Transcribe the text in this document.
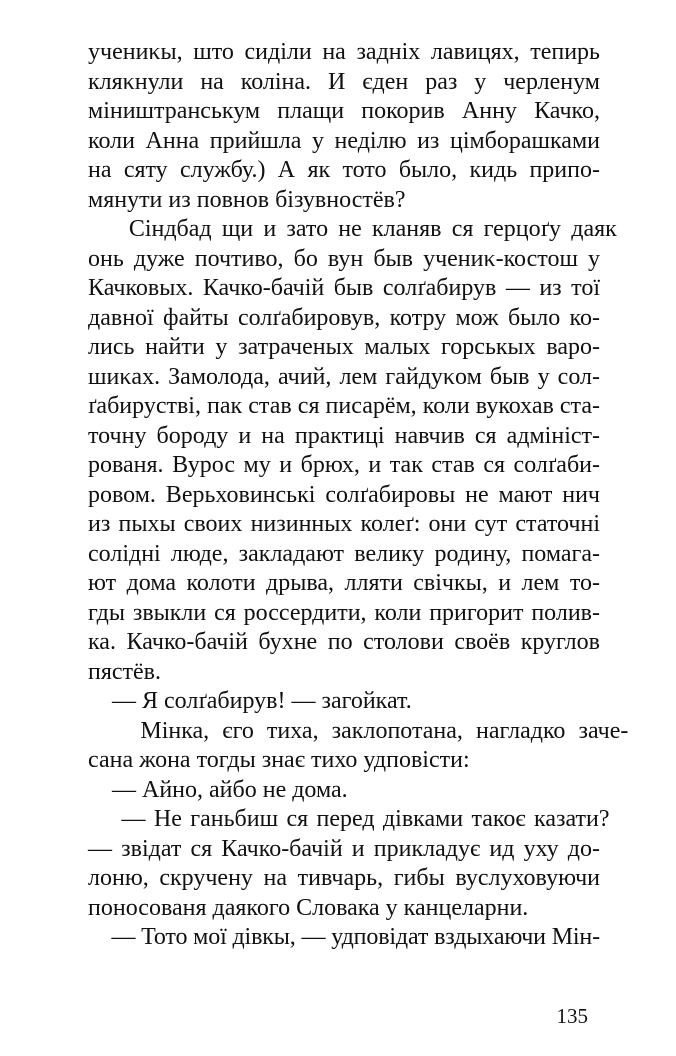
учениκы, што сиділи на задніх лавицях, тепирь
кляκнули на коліна. И єден раз у черленум
міништранськум плащи покорив Анну Качко,
коли Анна прийшла у неділю из цімборашками
на сяту службу.) А як тото было, кидь припо-
мянути из повнов бізувностёв?
Сіндбад щи и зато не кланяв ся герцоґу даяк
онь дуже почтиво, бо вун быв учениκ-костош у
Качковых. Качко-бачій быв солґабирув — из тої
давної файты солґабировув, котру мож было ко-
лись найти у затраченых малых горськых варо-
шиκах. Замолода, ачий, лем гайдуκом быв у сол-
ґабирустві, пак став ся писарём, коли вукохав ста-
точну бороду и на практиці навчив ся адмініст-
рованя. Вурос му и брюх, и так став ся солґаби-
ровом. Верьховинські солґабировы не мают нич
из пыхы своих низинных колеґ: они сут статочні
солідні люде, закладают велику родину, помага-
ют дома колоти дрыва, лляти свічкы, и лем то-
гды звыкли ся россердити, коли пригорит полив-
ка. Качко-бачій бухне по столови своёв круглов
пястёв.
— Я солґабирув! — загойкат.
Мінка, єго тиха, заклопотана, нагладко заче-
сана жона тогды знає тихо удповісти:
— Айно, айбо не дома.
— Не ганьбиш ся перед дівками такоє казати?
— звідат ся Качко-бачій и прикладує ид уху до-
лоню, скручену на тивчарь, гибы вуслуховуючи
поносованя даякого Словака у канцеларни.
— Тото мої дівкы, — удповідат вздыхаючи Мін-
135
